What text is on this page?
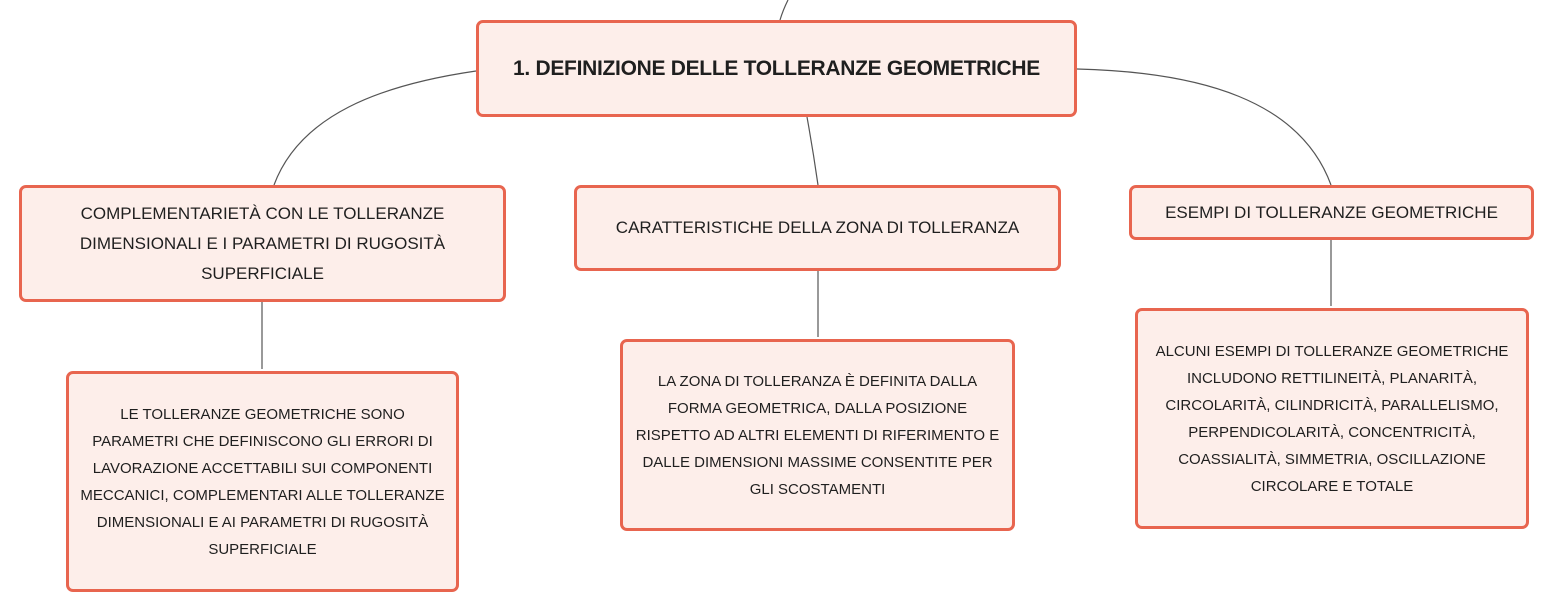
1. DEFINIZIONE DELLE TOLLERANZE GEOMETRICHE
COMPLEMENTARIETÀ CON LE TOLLERANZE DIMENSIONALI E I PARAMETRI DI RUGOSITÀ SUPERFICIALE
CARATTERISTICHE DELLA ZONA DI TOLLERANZA
ESEMPI DI TOLLERANZE GEOMETRICHE
LE TOLLERANZE GEOMETRICHE SONO PARAMETRI CHE DEFINISCONO GLI ERRORI DI LAVORAZIONE ACCETTABILI SUI COMPONENTI MECCANICI, COMPLEMENTARI ALLE TOLLERANZE DIMENSIONALI E AI PARAMETRI DI RUGOSITÀ SUPERFICIALE
LA ZONA DI TOLLERANZA È DEFINITA DALLA FORMA GEOMETRICA, DALLA POSIZIONE RISPETTO AD ALTRI ELEMENTI DI RIFERIMENTO E DALLE DIMENSIONI MASSIME CONSENTITE PER GLI SCOSTAMENTI
ALCUNI ESEMPI DI TOLLERANZE GEOMETRICHE INCLUDONO RETTILINEITÀ, PLANARITÀ, CIRCOLARITÀ, CILINDRICITÀ, PARALLELISMO, PERPENDICOLARITÀ, CONCENTRICITÀ, COASSIALITÀ, SIMMETRIA, OSCILLAZIONE CIRCOLARE E TOTALE
